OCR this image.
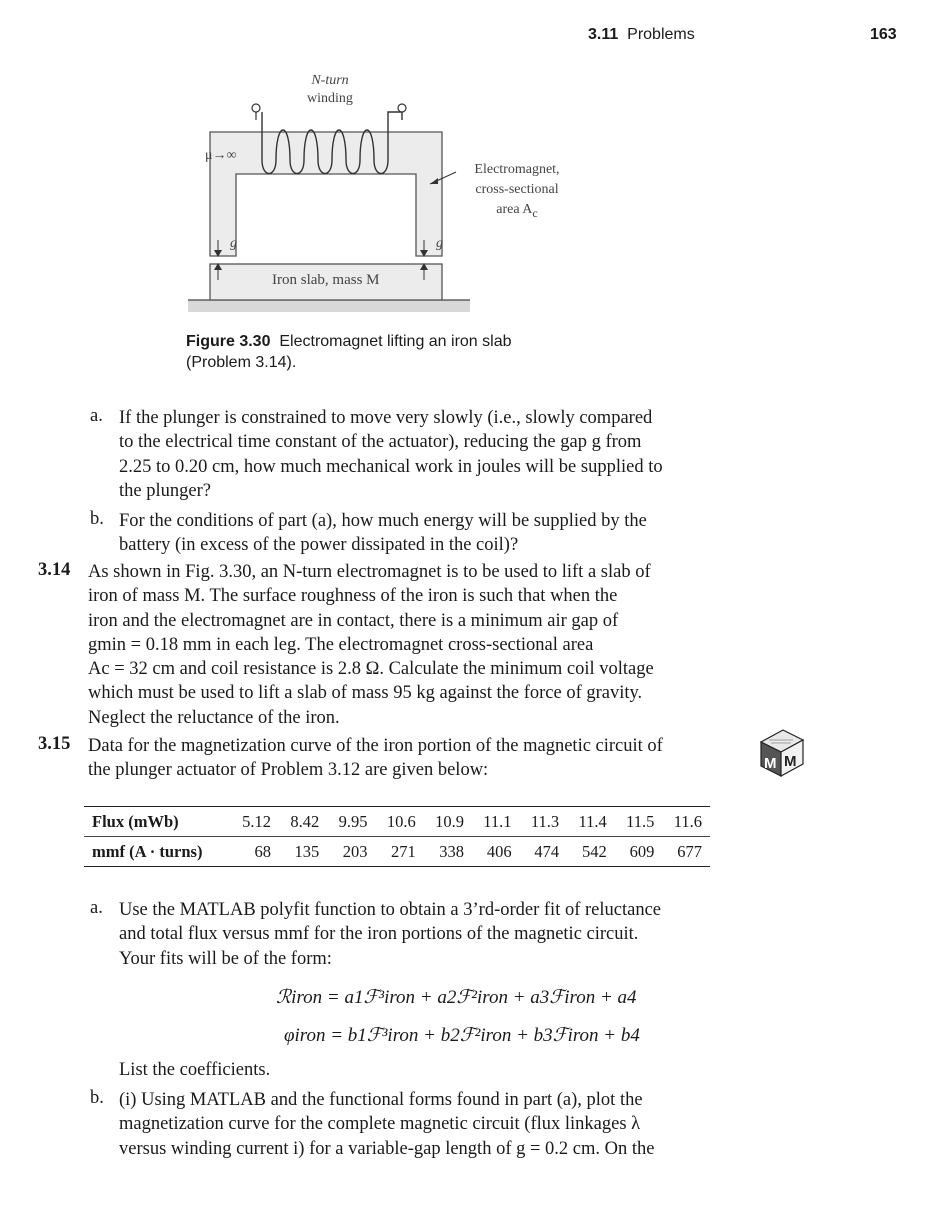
3.11 Problems	163
N-turn
winding
μ→∞
Electromagnet,
cross-sectional
area $A_c$
g	g
Iron slab, mass M
Figure 3.30 Electromagnet lifting an iron slab
(Problem 3.14).
a. If the plunger is constrained to move very slowly (i.e., slowly compared
to the electrical time constant of the actuator), reducing the gap g from
2.25 to 0.20 cm, how much mechanical work in joules will be supplied to
the plunger?
b. For the conditions of part (a), how much energy will be supplied by the
battery (in excess of the power dissipated in the coil)?
3.14 As shown in Fig. 3.30, an N-turn electromagnet is to be used to lift a slab of
iron of mass M. The surface roughness of the iron is such that when the
iron and the electromagnet are in contact, there is a minimum air gap of
gmin = 0.18 mm in each leg. The electromagnet cross-sectional area
Ac = 32 cm and coil resistance is 2.8 Ω. Calculate the minimum coil voltage
which must be used to lift a slab of mass 95 kg against the force of gravity.
Neglect the reluctance of the iron.
3.15 Data for the magnetization curve of the iron portion of the magnetic circuit of
the plunger actuator of Problem 3.12 are given below:	M M
Flux (mWb)	5.12	8.42	9.95	10.6	10.9	11.1	11.3	11.4	11.5	11.6
mmf (A · turns)	68	135	203	271	338	406	474	542	609	677
a. Use the MATLAB polyfit function to obtain a 3’rd-order fit of reluctance
and total flux versus mmf for the iron portions of the magnetic circuit.
Your fits will be of the form:
ℛiron = a1ℱ³iron + a2ℱ²iron + a3ℱiron + a4
φiron = b1ℱ³iron + b2ℱ²iron + b3ℱiron + b4
List the coefficients.
b. (i) Using MATLAB and the functional forms found in part (a), plot the
magnetization curve for the complete magnetic circuit (flux linkages λ
versus winding current i) for a variable-gap length of g = 0.2 cm. On the
